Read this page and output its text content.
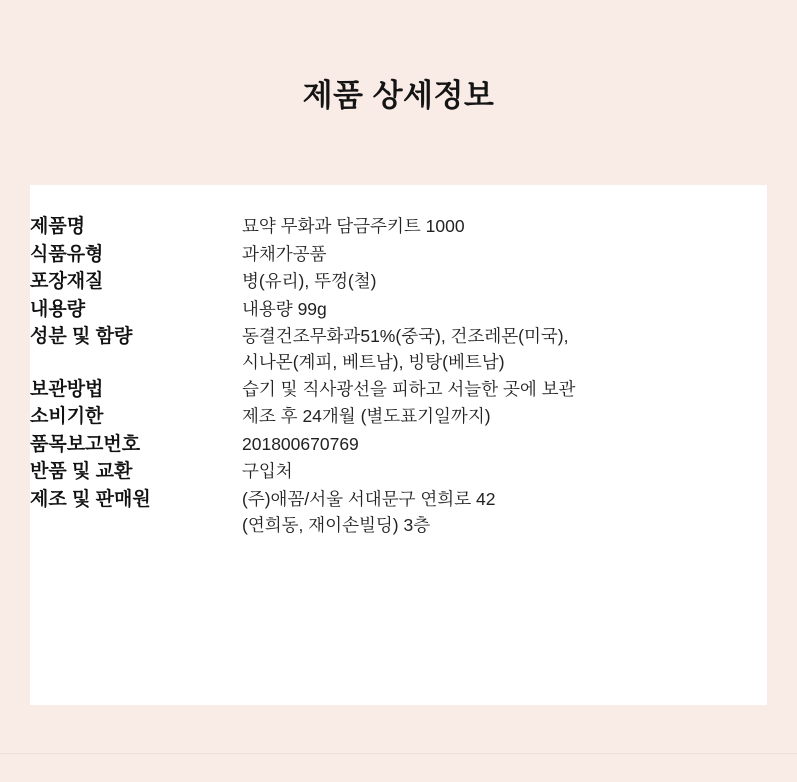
제품 상세정보
제품명	묘약 무화과 담금주키트 1000

식품유형	과채가공품

포장재질	병(유리), 뚜껑(철)

내용량	내용량 99g

성분 및 함량	동결건조무화과51%(중국), 건조레몬(미국),
시나몬(계피, 베트남), 빙탕(베트남)

보관방법	습기 및 직사광선을 피하고 서늘한 곳에 보관

소비기한	제조 후 24개월 (별도표기일까지)

품목보고번호	201800670769

반품 및 교환	구입처

제조 및 판매원	(주)애꼼/서울 서대문구 연희로 42
(연희동, 재이손빌딩) 3층
